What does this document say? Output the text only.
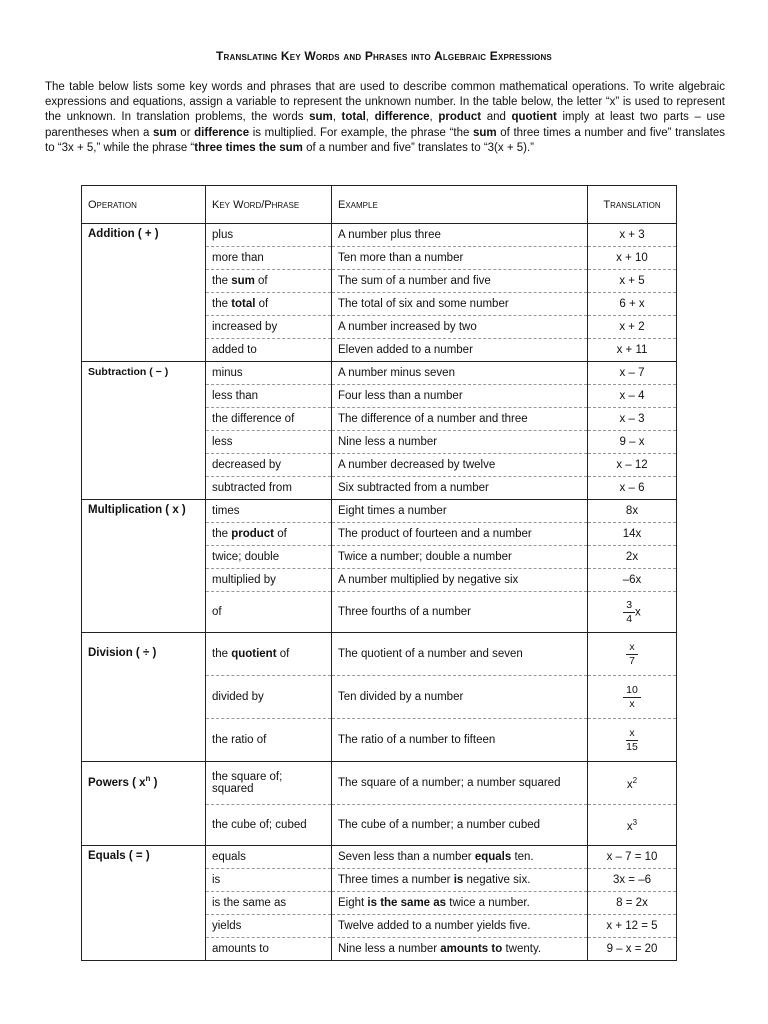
Translating Key Words and Phrases into Algebraic Expressions
The table below lists some key words and phrases that are used to describe common mathematical operations. To write algebraic expressions and equations, assign a variable to represent the unknown number. In the table below, the letter “x” is used to represent the unknown. In translation problems, the words sum, total, difference, product and quotient imply at least two parts – use parentheses when a sum or difference is multiplied. For example, the phrase “the sum of three times a number and five” translates to “3x + 5,” while the phrase “three times the sum of a number and five” translates to “3(x + 5).”
Operation	Key Word/Phrase	Example	Translation
Addition ( + )	plus	A number plus three	x + 3
	more than	Ten more than a number	x + 10
	the sum of	The sum of a number and five	x + 5
	the total of	The total of six and some number	6 + x
	increased by	A number increased by two	x + 2
	added to	Eleven added to a number	x + 11
Subtraction ( − )	minus	A number minus seven	x – 7
	less than	Four less than a number	x – 4
	the difference of	The difference of a number and three	x – 3
	less	Nine less a number	9 – x
	decreased by	A number decreased by twelve	x – 12
	subtracted from	Six subtracted from a number	x – 6
Multiplication ( x )	times	Eight times a number	8x
	the product of	The product of fourteen and a number	14x
	twice; double	Twice a number; double a number	2x
	multiplied by	A number multiplied by negative six	–6x
	of	Three fourths of a number	$\frac{3}{4}$ x
Division ( ÷ )	the quotient of	The quotient of a number and seven	$\frac{x}{7}$

	divided by	Ten divided by a number	$\frac{10}{x}$

	the ratio of	The ratio of a number to fifteen	$\frac{x}{15}$

Powers ( $x^n$ )	the square of; squared	The square of a number; a number squared	$x^2$
	the cube of; cubed	The cube of a number; a number cubed	$x^3$
Equals ( = )	equals	Seven less than a number equals ten.	x – 7 = 10
	is	Three times a number is negative six.	3x = –6
	is the same as	Eight is the same as twice a number.	8 = 2x
	yields	Twelve added to a number yields five.	x + 12 = 5
	amounts to	Nine less a number amounts to twenty.	9 – x = 20
